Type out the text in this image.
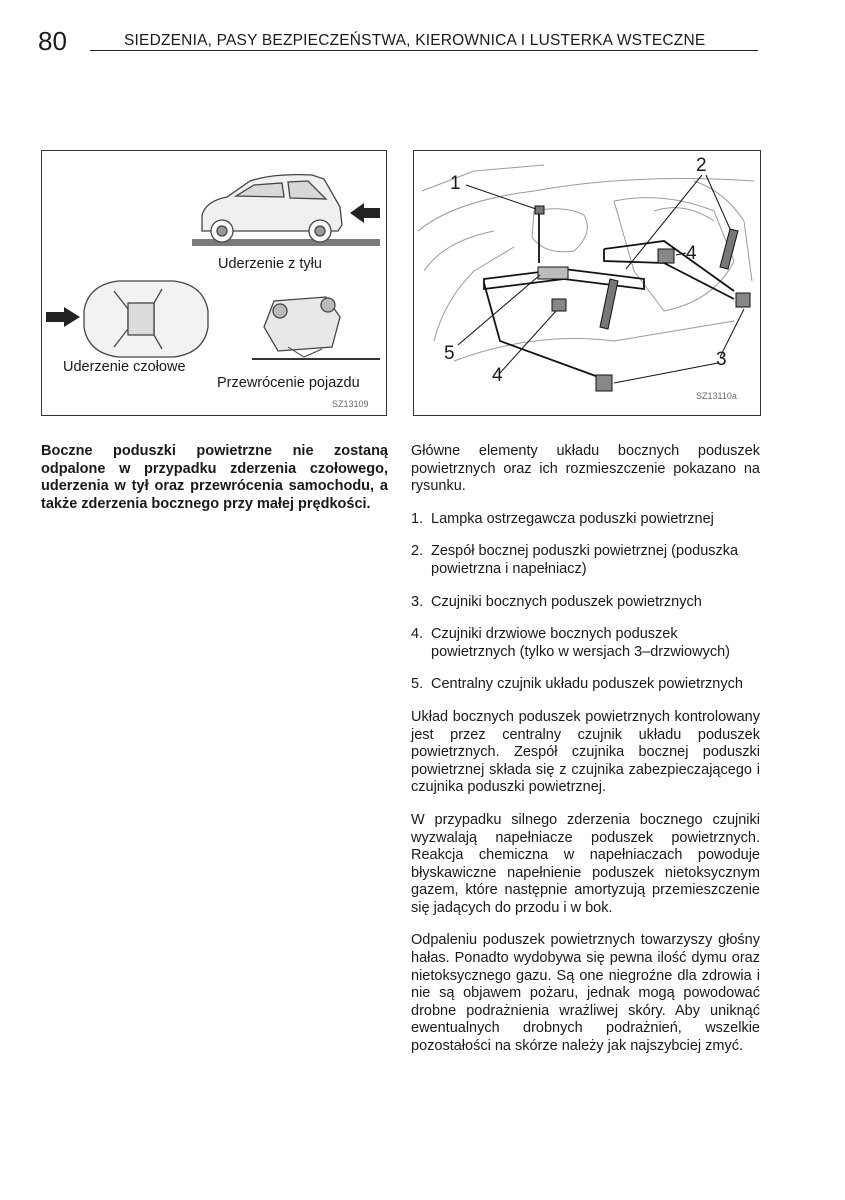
80	SIEDZENIA, PASY BEZPIECZEŃSTWA, KIEROWNICA I LUSTERKA WSTECZNE
Uderzenie z tyłu
Uderzenie czołowe
Przewrócenie pojazdu
SZ13109
1
2
4
5
4
3
SZ13110a
Boczne poduszki powietrzne nie zostaną odpalone w przypadku zderzenia czołowego, uderzenia w tył oraz przewrócenia samochodu, a także zderzenia bocznego przy małej prędkości.

Główne elementy układu bocznych poduszek powietrznych oraz ich rozmieszczenie pokazano na rysunku.

1. Lampka ostrzegawcza poduszki powietrznej
2. Zespół bocznej poduszki powietrznej (poduszka powietrzna i napełniacz)
3. Czujniki bocznych poduszek powietrznych
4. Czujniki drzwiowe bocznych poduszek powietrznych (tylko w wersjach 3–drzwiowych)
5. Centralny czujnik układu poduszek powietrznych

Układ bocznych poduszek powietrznych kontrolowany jest przez centralny czujnik układu poduszek powietrznych. Zespół czujnika bocznej poduszki powietrznej składa się z czujnika zabezpieczającego i czujnika poduszki powietrznej.

W przypadku silnego zderzenia bocznego czujniki wyzwalają napełniacze poduszek powietrznych. Reakcja chemiczna w napełniaczach powoduje błyskawiczne napełnienie poduszek nietoksycznym gazem, które następnie amortyzują przemieszczenie się jadących do przodu i w bok.

Odpaleniu poduszek powietrznych towarzyszy głośny hałas. Ponadto wydobywa się pewna ilość dymu oraz nietoksycznego gazu. Są one niegroźne dla zdrowia i nie są objawem pożaru, jednak mogą powodować drobne podrażnienia wrażliwej skóry. Aby uniknąć ewentualnych drobnych podrażnień, wszelkie pozostałości na skórze należy jak najszybciej zmyć.
